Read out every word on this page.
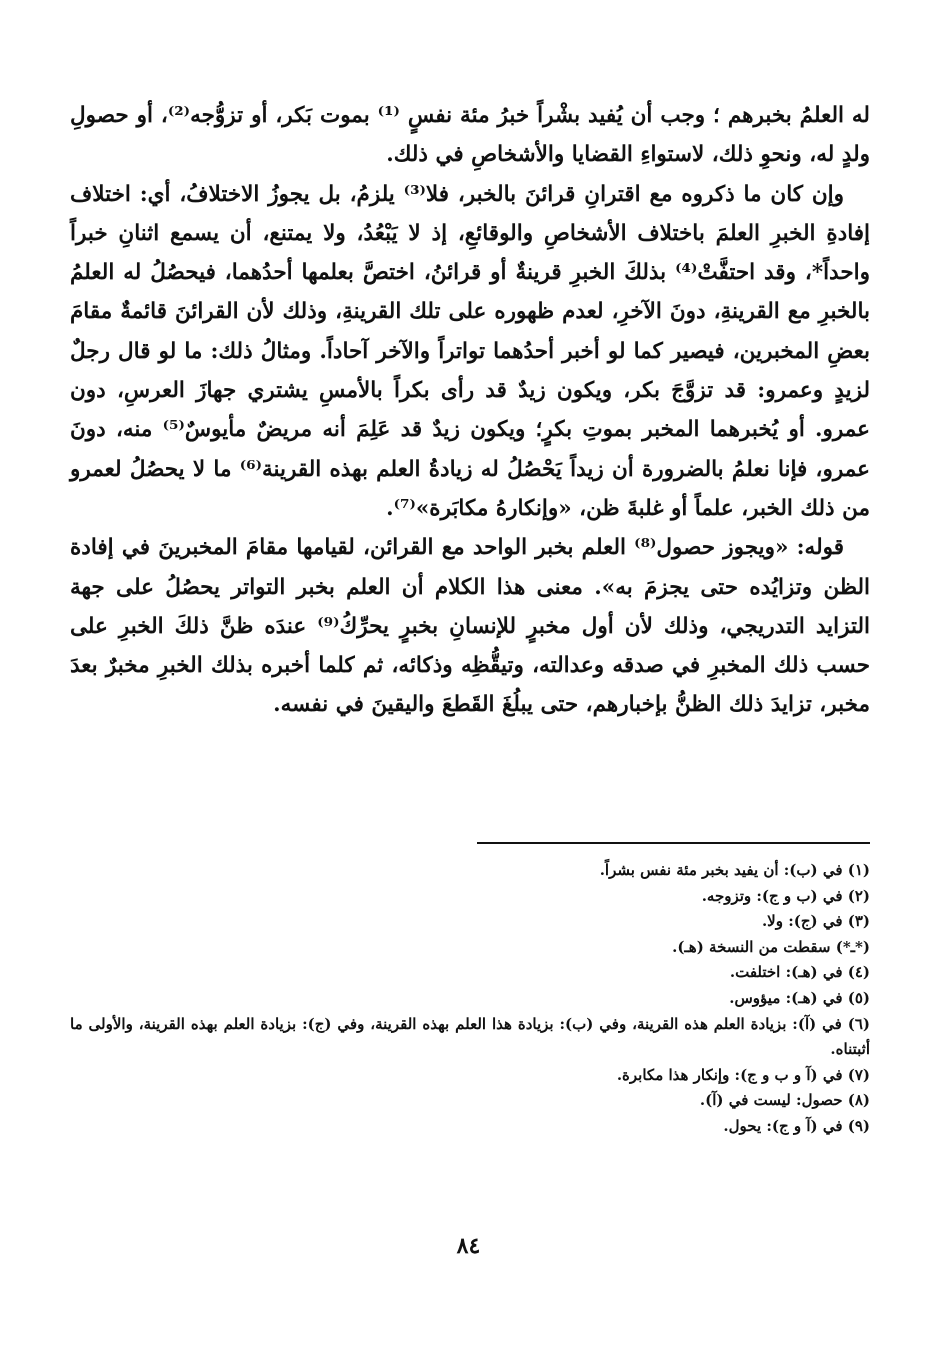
له العلمُ بخبرهم ؛ وجب أن يُفيد بشْراً خبرُ مئة نفسٍ ⁽¹⁾ بموت بَكر، أو تزوُّجه⁽²⁾، أو حصولِ ولدٍ له، ونحوِ ذلك، لاستواءِ القضايا والأشخاصِ في ذلك.

وإن كان ما ذكروه مع اقترانِ قرائنَ بالخبر، فلا⁽³⁾ يلزمُ، بل يجوزُ الاختلافُ، أي: اختلاف إفادةِ الخبرِ العلمَ باختلاف الأشخاصِ والوقائعِ، إذ لا يَبْعُدُ، ولا يمتنع، أن يسمع اثنانِ خبراً واحداً*، وقد احتفَّتْ⁽⁴⁾ بذلكَ الخبرِ قرينةٌ أو قرائنُ، اختصَّ بعلمها أحدُهما، فيحصُلُ له العلمُ بالخبرِ مع القرينةِ، دونَ الآخرِ، لعدم ظهوره على تلك القرينةِ، وذلك لأن القرائنَ قائمةٌ مقامَ بعضِ المخبرين، فيصير كما لو أخبر أحدُهما تواتراً والآخر آحاداً. ومثالُ ذلك: ما لو قال رجلٌ لزيدٍ وعمرو: قد تزوَّجَ بكر، ويكون زيدٌ قد رأى بكراً بالأمسِ يشتري جهازَ العرسِ، دون عمرو. أو يُخبرهما المخبر بموتِ بكرٍ؛ ويكون زيدٌ قد عَلِمَ أنه مريضٌ مأيوسٌ⁽⁵⁾ منه، دونَ عمرو، فإنا نعلمُ بالضرورة أن زيداً يَحْصُلُ له زيادةُ العلم بهذه القرينة⁽⁶⁾ ما لا يحصُلُ لعمرو من ذلك الخبر، علماً أو غلبةَ ظن، «وإنكارهُ مكابَرة»⁽⁷⁾.

قوله: «ويجوز حصول⁽⁸⁾ العلم بخبر الواحد مع القرائن، لقيامها مقامَ المخبرينَ في إفادة الظن وتزايُده حتى يجزمَ به». معنى هذا الكلام أن العلم بخبر التواتر يحصُلُ على جهة التزايد التدريجي، وذلك لأن أول مخبرٍ للإنسانِ بخبرٍ يحرِّكُ⁽⁹⁾ عندَه ظنَّ ذلكَ الخبرِ على حسب ذلك المخبرِ في صدقه وعدالته، وتيقُّظِه وذكائه، ثم كلما أخبره بذلك الخبرِ مخبرٌ بعدَ مخبر، تزايدَ ذلك الظنُّ بإخبارهم، حتى يبلُغَ القَطعَ واليقينَ في نفسه.

(١) في (ب): أن يفيد بخبر مئة نفس بشراً.

(٢) في (ب و ج): وتزوجه.

(٣) في (ج): ولا.

(*ـ*) سقطت من النسخة (هـ).

(٤) في (هـ): اختلفت.

(٥) في (هـ): ميؤوس.

(٦) في (آ): بزيادة العلم هذه القرينة، وفي (ب): بزيادة هذا العلم بهذه القرينة، وفي (ج): بزيادة العلم بهذه القرينة، والأولى ما أثبتناه.

(٧) في (آ و ب و ج): وإنكار هذا مكابرة.

(٨) حصول: ليست في (آ).

(٩) في (آ و ج): يحول.

٨٤
